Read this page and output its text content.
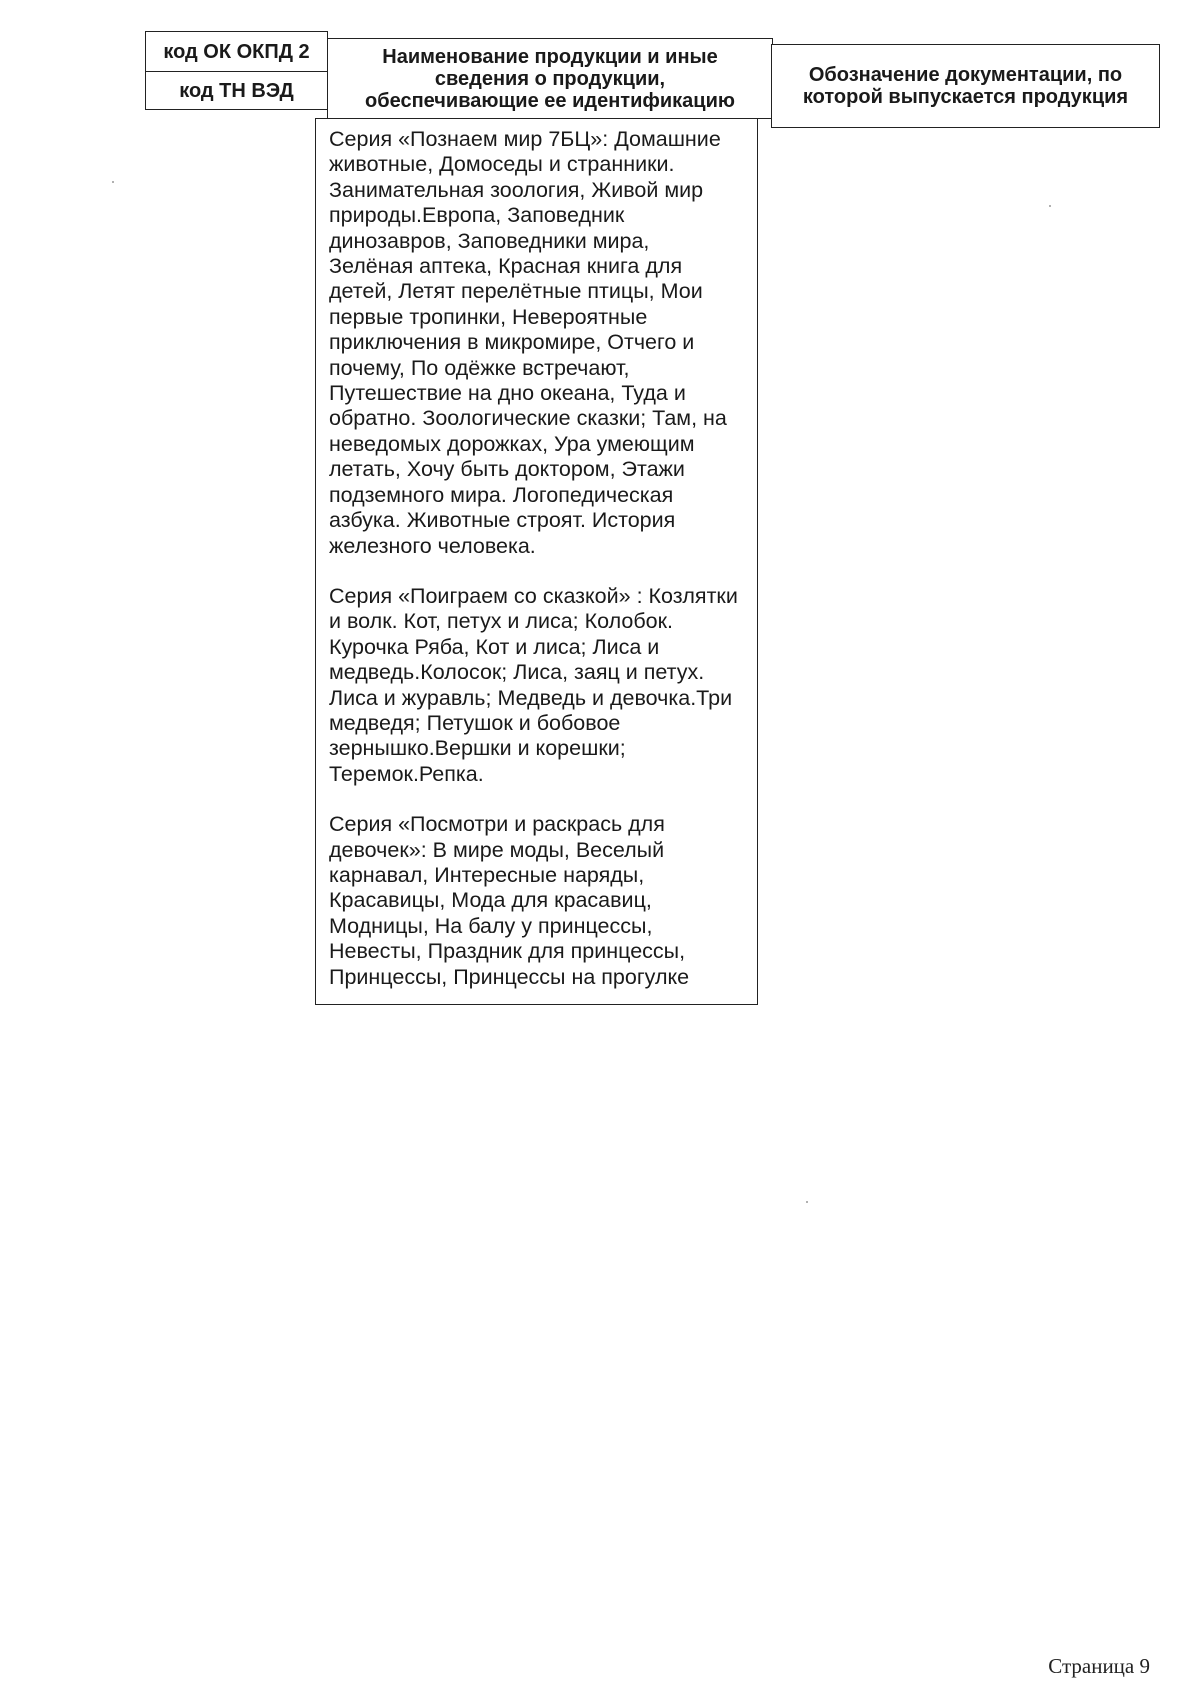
код ОК ОКПД 2
код ТН ВЭД
Наименование продукции и иные
сведения о продукции,
обеспечивающие ее идентификацию
Обозначение документации, по
которой выпускается продукция
Серия «Познаем мир 7БЦ»: Домашние
животные, Домоседы и странники.
Занимательная зоология, Живой мир
природы.Европа, Заповедник
динозавров, Заповедники мира,
Зелёная аптека, Красная книга для
детей, Летят перелётные птицы, Мои
первые тропинки, Невероятные
приключения в микромире, Отчего и
почему, По одёжке встречают,
Путешествие на дно океана, Туда и
обратно. Зоологические сказки; Там, на
неведомых дорожках, Ура умеющим
летать, Хочу быть доктором, Этажи
подземного мира. Логопедическая
азбука. Животные строят. История
железного человека.
Серия «Поиграем со сказкой» : Козлятки
и волк. Кот, петух и лиса; Колобок.
Курочка Ряба, Кот и лиса; Лиса и
медведь.Колосок; Лиса, заяц и петух.
Лиса и журавль; Медведь и девочка.Три
медведя; Петушок и бобовое
зернышко.Вершки и корешки;
Теремок.Репка.
Серия «Посмотри и раскрась для
девочек»: В мире моды, Веселый
карнавал, Интересные наряды,
Красавицы, Мода для красавиц,
Модницы, На балу у принцессы,
Невесты, Праздник для принцессы,
Принцессы, Принцессы на прогулке
Страница 9
